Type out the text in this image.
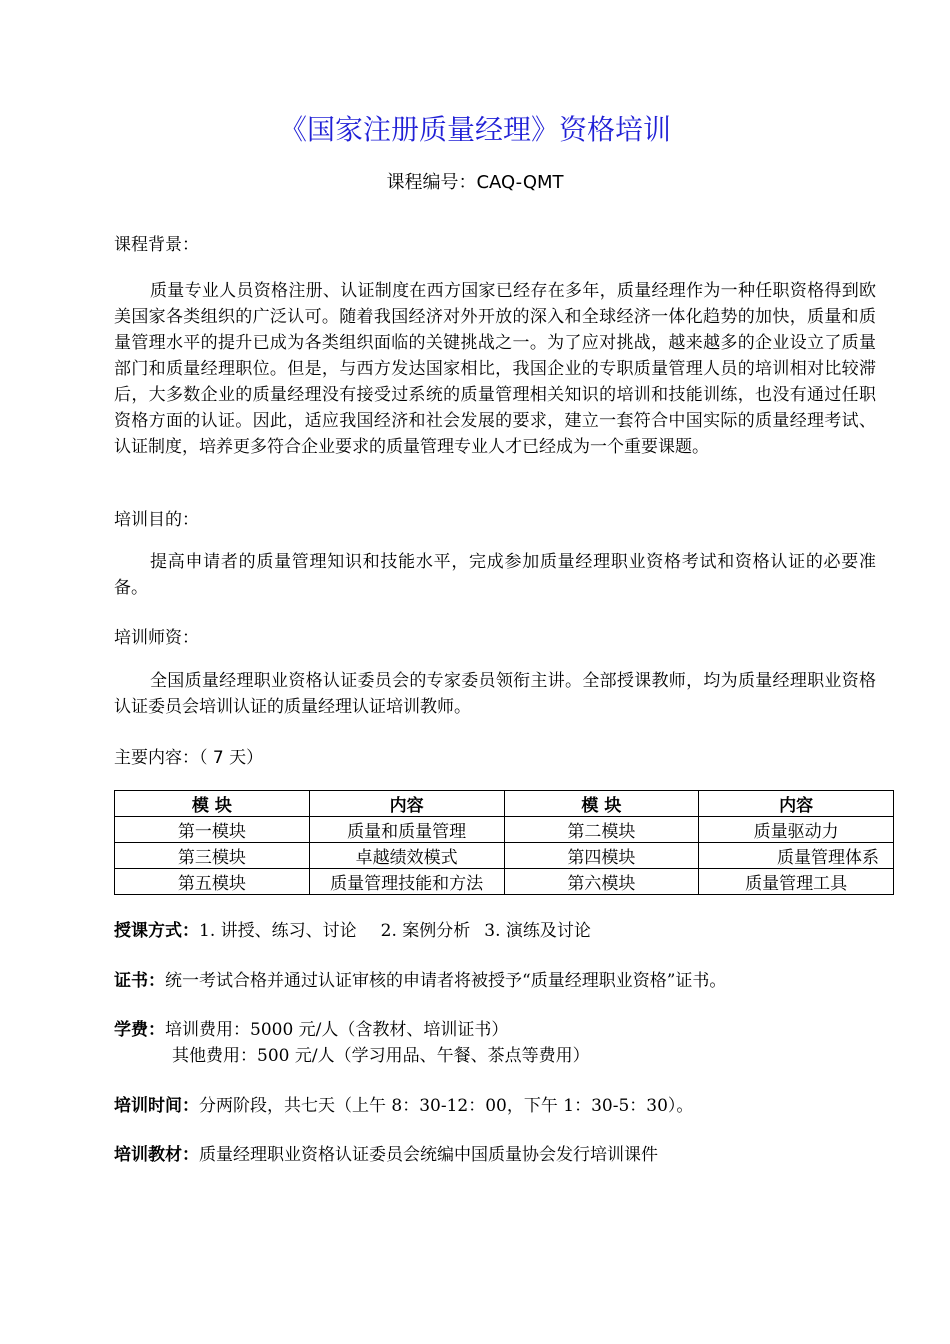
《国家注册质量经理》资格培训
课程编号：CAQ-QMT
课程背景：
质量专业人员资格注册、认证制度在西方国家已经存在多年，质量经理作为一种任职资格得到欧美国家各类组织的广泛认可。随着我国经济对外开放的深入和全球经济一体化趋势的加快，质量和质量管理水平的提升已成为各类组织面临的关键挑战之一。为了应对挑战，越来越多的企业设立了质量部门和质量经理职位。但是，与西方发达国家相比，我国企业的专职质量管理人员的培训相对比较滞后，大多数企业的质量经理没有接受过系统的质量管理相关知识的培训和技能训练，也没有通过任职资格方面的认证。因此，适应我国经济和社会发展的要求，建立一套符合中国实际的质量经理考试、认证制度，培养更多符合企业要求的质量管理专业人才已经成为一个重要课题。
培训目的：
提高申请者的质量管理知识和技能水平，完成参加质量经理职业资格考试和资格认证的必要准备。
培训师资：
全国质量经理职业资格认证委员会的专家委员领衔主讲。全部授课教师，均为质量经理职业资格认证委员会培训认证的质量经理认证培训教师。
主要内容：（ 7 天）
模 块	内容	模 块	内容
第一模块	质量和质量管理	第二模块	质量驱动力
第三模块	卓越绩效模式	第四模块	质量管理体系
第五模块	质量管理技能和方法	第六模块	质量管理工具
授课方式：1. 讲授、练习、讨论 2. 案例分析 3. 演练及讨论
证书：统一考试合格并通过认证审核的申请者将被授予“质量经理职业资格”证书。
学费：培训费用：5000 元/人（含教材、培训证书）
其他费用：500 元/人（学习用品、午餐、茶点等费用）
培训时间：分两阶段，共七天（上午 8：30-12：00，下午 1：30-5：30）。
培训教材：质量经理职业资格认证委员会统编中国质量协会发行培训课件
